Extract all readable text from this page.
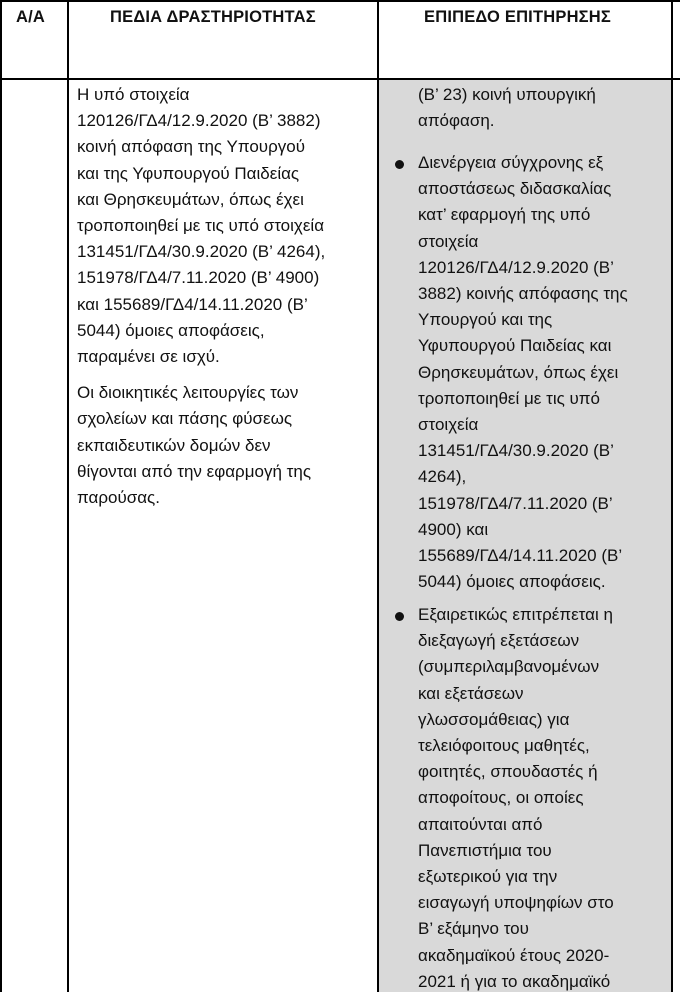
Α/Α	ΠΕΔΙΑ ΔΡΑΣΤΗΡΙΟΤΗΤΑΣ	ΕΠΙΠΕΔΟ ΕΠΙΤΗΡΗΣΗΣ

Η υπό στοιχεία

120126/ΓΔ4/12.9.2020 (Β’ 3882)

κοινή απόφαση της Υπουργού

και της Υφυπουργού Παιδείας

και Θρησκευμάτων, όπως έχει

τροποποιηθεί με τις υπό στοιχεία

131451/ΓΔ4/30.9.2020 (Β’ 4264),

151978/ΓΔ4/7.11.2020 (Β’ 4900)

και 155689/ΓΔ4/14.11.2020 (Β’

5044) όμοιες αποφάσεις,

παραμένει σε ισχύ.

Οι διοικητικές λειτουργίες των

σχολείων και πάσης φύσεως

εκπαιδευτικών δομών δεν

θίγονται από την εφαρμογή της

παρούσας.

(Β’ 23) κοινή υπουργική

απόφαση.

Διενέργεια σύγχρονης εξ

αποστάσεως διδασκαλίας

κατ’ εφαρμογή της υπό

στοιχεία

120126/ΓΔ4/12.9.2020 (Β’

3882) κοινής απόφασης της

Υπουργού και της

Υφυπουργού Παιδείας και

Θρησκευμάτων, όπως έχει

τροποποιηθεί με τις υπό

στοιχεία

131451/ΓΔ4/30.9.2020 (Β’

4264),

151978/ΓΔ4/7.11.2020 (Β’

4900) και

155689/ΓΔ4/14.11.2020 (Β’

5044) όμοιες αποφάσεις.

Εξαιρετικώς επιτρέπεται η

διεξαγωγή εξετάσεων

(συμπεριλαμβανομένων

και εξετάσεων

γλωσσομάθειας) για

τελειόφοιτους μαθητές,

φοιτητές, σπουδαστές ή

αποφοίτους, οι οποίες

απαιτούνται από

Πανεπιστήμια του

εξωτερικού για την

εισαγωγή υποψηφίων στο

Β’ εξάμηνο του

ακαδημαϊκού έτους 2020-

2021 ή για το ακαδημαϊκό
